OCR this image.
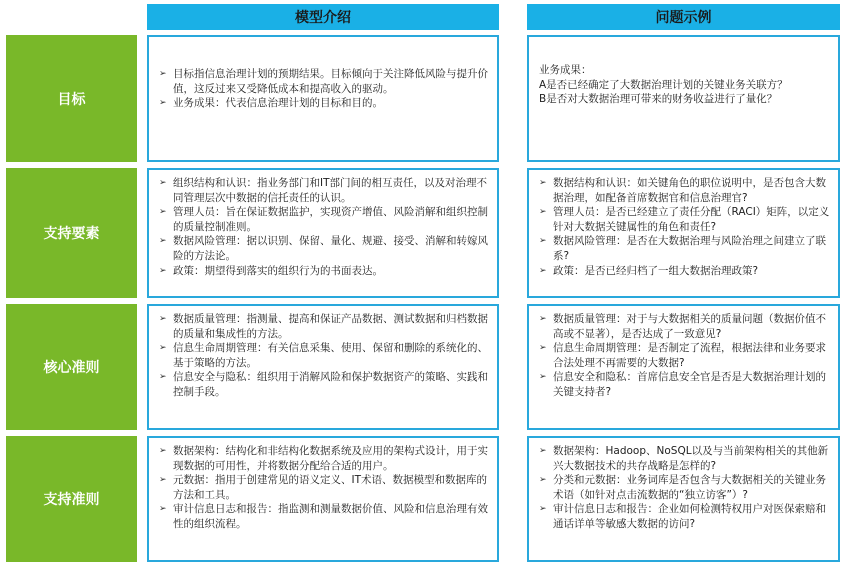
模型介绍	问题示例
目标
➢ 目标指信息治理计划的预期结果。目标倾向于关注降低风险与提升价值，这反过来又受降低成本和提高收入的驱动。
➢ 业务成果：代表信息治理计划的目标和目的。

业务成果：

A是否已经确定了大数据治理计划的关键业务关联方？

B是否对大数据治理可带来的财务收益进行了量化？

支持要素
➢ 组织结构和认识：指业务部门和IT部门间的相互责任，以及对治理不同管理层次中数据的信托责任的认识。
➢ 管理人员：旨在保证数据监护，实现资产增值、风险消解和组织控制的质量控制准则。
➢ 数据风险管理：据以识别、保留、量化、规避、接受、消解和转嫁风险的方法论。
➢ 政策：期望得到落实的组织行为的书面表达。
➢ 数据结构和认识：如关键角色的职位说明中，是否包含大数据治理，如配备首席数据官和信息治理官?
➢ 管理人员：是否已经建立了责任分配（RACI）矩阵，以定义针对大数据关键属性的角色和责任?
➢ 数据风险管理：是否在大数据治理与风险治理之间建立了联系?
➢ 政策：是否已经归档了一组大数据治理政策?
核心准则
➢ 数据质量管理：指测量、提高和保证产品数据、测试数据和归档数据的质量和集成性的方法。
➢ 信息生命周期管理：有关信息采集、使用、保留和删除的系统化的、基于策略的方法。
➢ 信息安全与隐私：组织用于消解风险和保护数据资产的策略、实践和控制手段。
➢ 数据质量管理：对于与大数据相关的质量问题（数据价值不高或不显著），是否达成了一致意见?
➢ 信息生命周期管理：是否制定了流程，根据法律和业务要求合法处理不再需要的大数据?
➢ 信息安全和隐私：首席信息安全官是否是大数据治理计划的关键支持者?
支持准则
➢ 数据架构：结构化和非结构化数据系统及应用的架构式设计，用于实现数据的可用性，并将数据分配给合适的用户。
➢ 元数据：指用于创建常见的语义定义、IT术语、数据模型和数据库的方法和工具。
➢ 审计信息日志和报告：指监测和测量数据价值、风险和信息治理有效性的组织流程。
➢ 数据架构：Hadoop、NoSQL以及与当前架构相关的其他新兴大数据技术的共存战略是怎样的?
➢ 分类和元数据：业务词库是否包含与大数据相关的关键业务术语（如针对点击流数据的“独立访客”）?
➢ 审计信息日志和报告：企业如何检测特权用户对医保索赔和通话详单等敏感大数据的访问?
